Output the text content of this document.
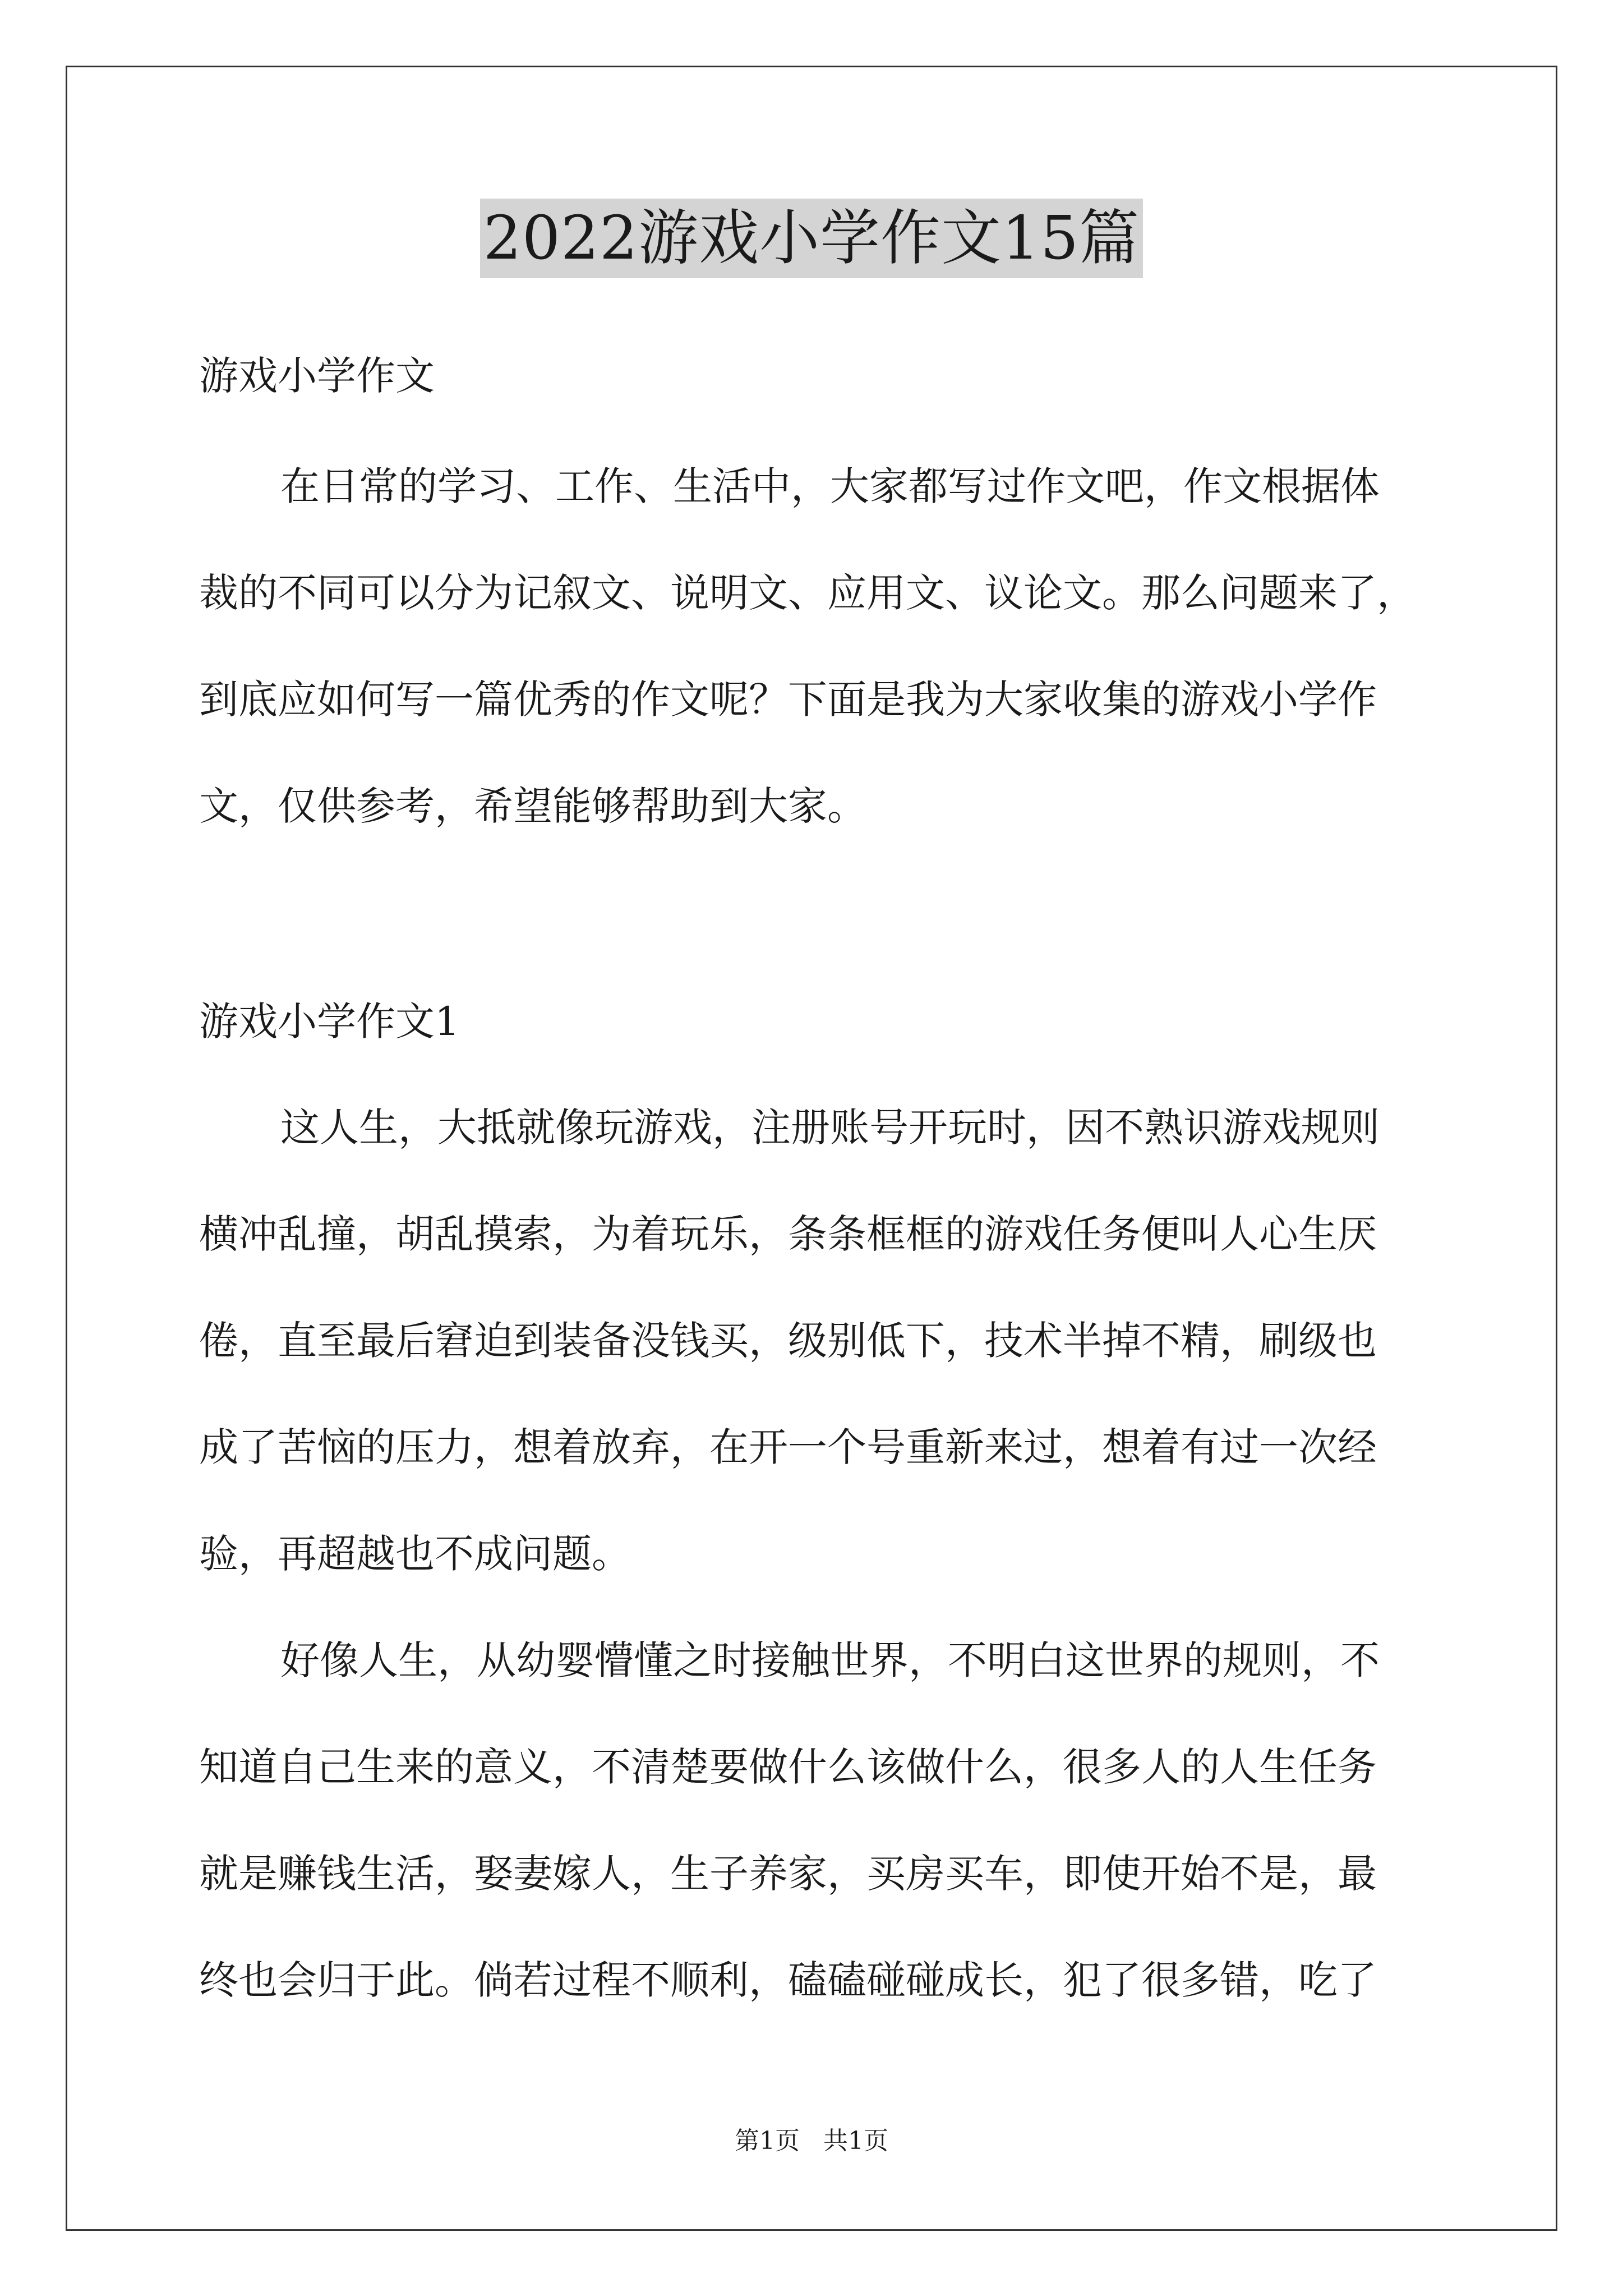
2022游戏小学作文15篇
游戏小学作文
在日常的学习、工作、生活中，大家都写过作文吧，作文根据体
裁的不同可以分为记叙文、说明文、应用文、议论文。那么问题来了，
到底应如何写一篇优秀的作文呢？下面是我为大家收集的游戏小学作
文，仅供参考，希望能够帮助到大家。
游戏小学作文1
这人生，大抵就像玩游戏，注册账号开玩时，因不熟识游戏规则
横冲乱撞，胡乱摸索，为着玩乐，条条框框的游戏任务便叫人心生厌
倦，直至最后窘迫到装备没钱买，级别低下，技术半掉不精，刷级也
成了苦恼的压力，想着放弃，在开一个号重新来过，想着有过一次经
验，再超越也不成问题。
好像人生，从幼婴懵懂之时接触世界，不明白这世界的规则，不
知道自己生来的意义，不清楚要做什么该做什么，很多人的人生任务
就是赚钱生活，娶妻嫁人，生子养家，买房买车，即使开始不是，最
终也会归于此。倘若过程不顺利，磕磕碰碰成长，犯了很多错，吃了
第1页 共1页
